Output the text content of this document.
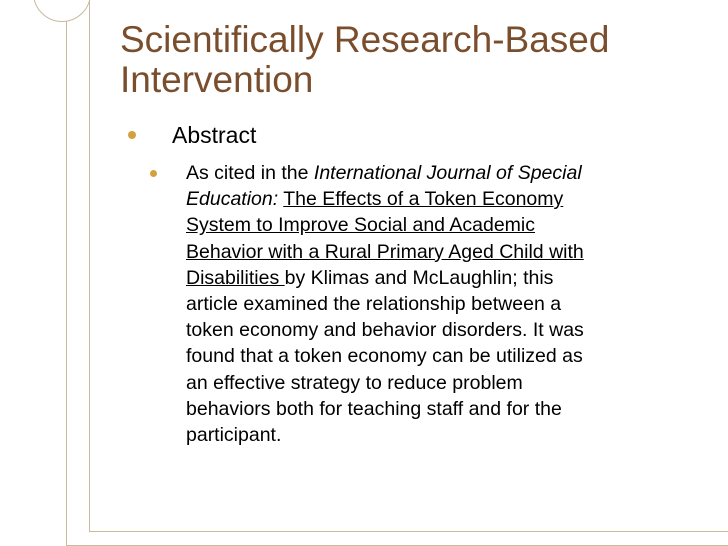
Scientifically Research-Based
Intervention
Abstract
As cited in the International Journal of Special
Education: The Effects of a Token Economy
System to Improve Social and Academic
Behavior with a Rural Primary Aged Child with
Disabilities by Klimas and McLaughlin; this
article examined the relationship between a
token economy and behavior disorders. It was
found that a token economy can be utilized as
an effective strategy to reduce problem
behaviors both for teaching staff and for the
participant.
